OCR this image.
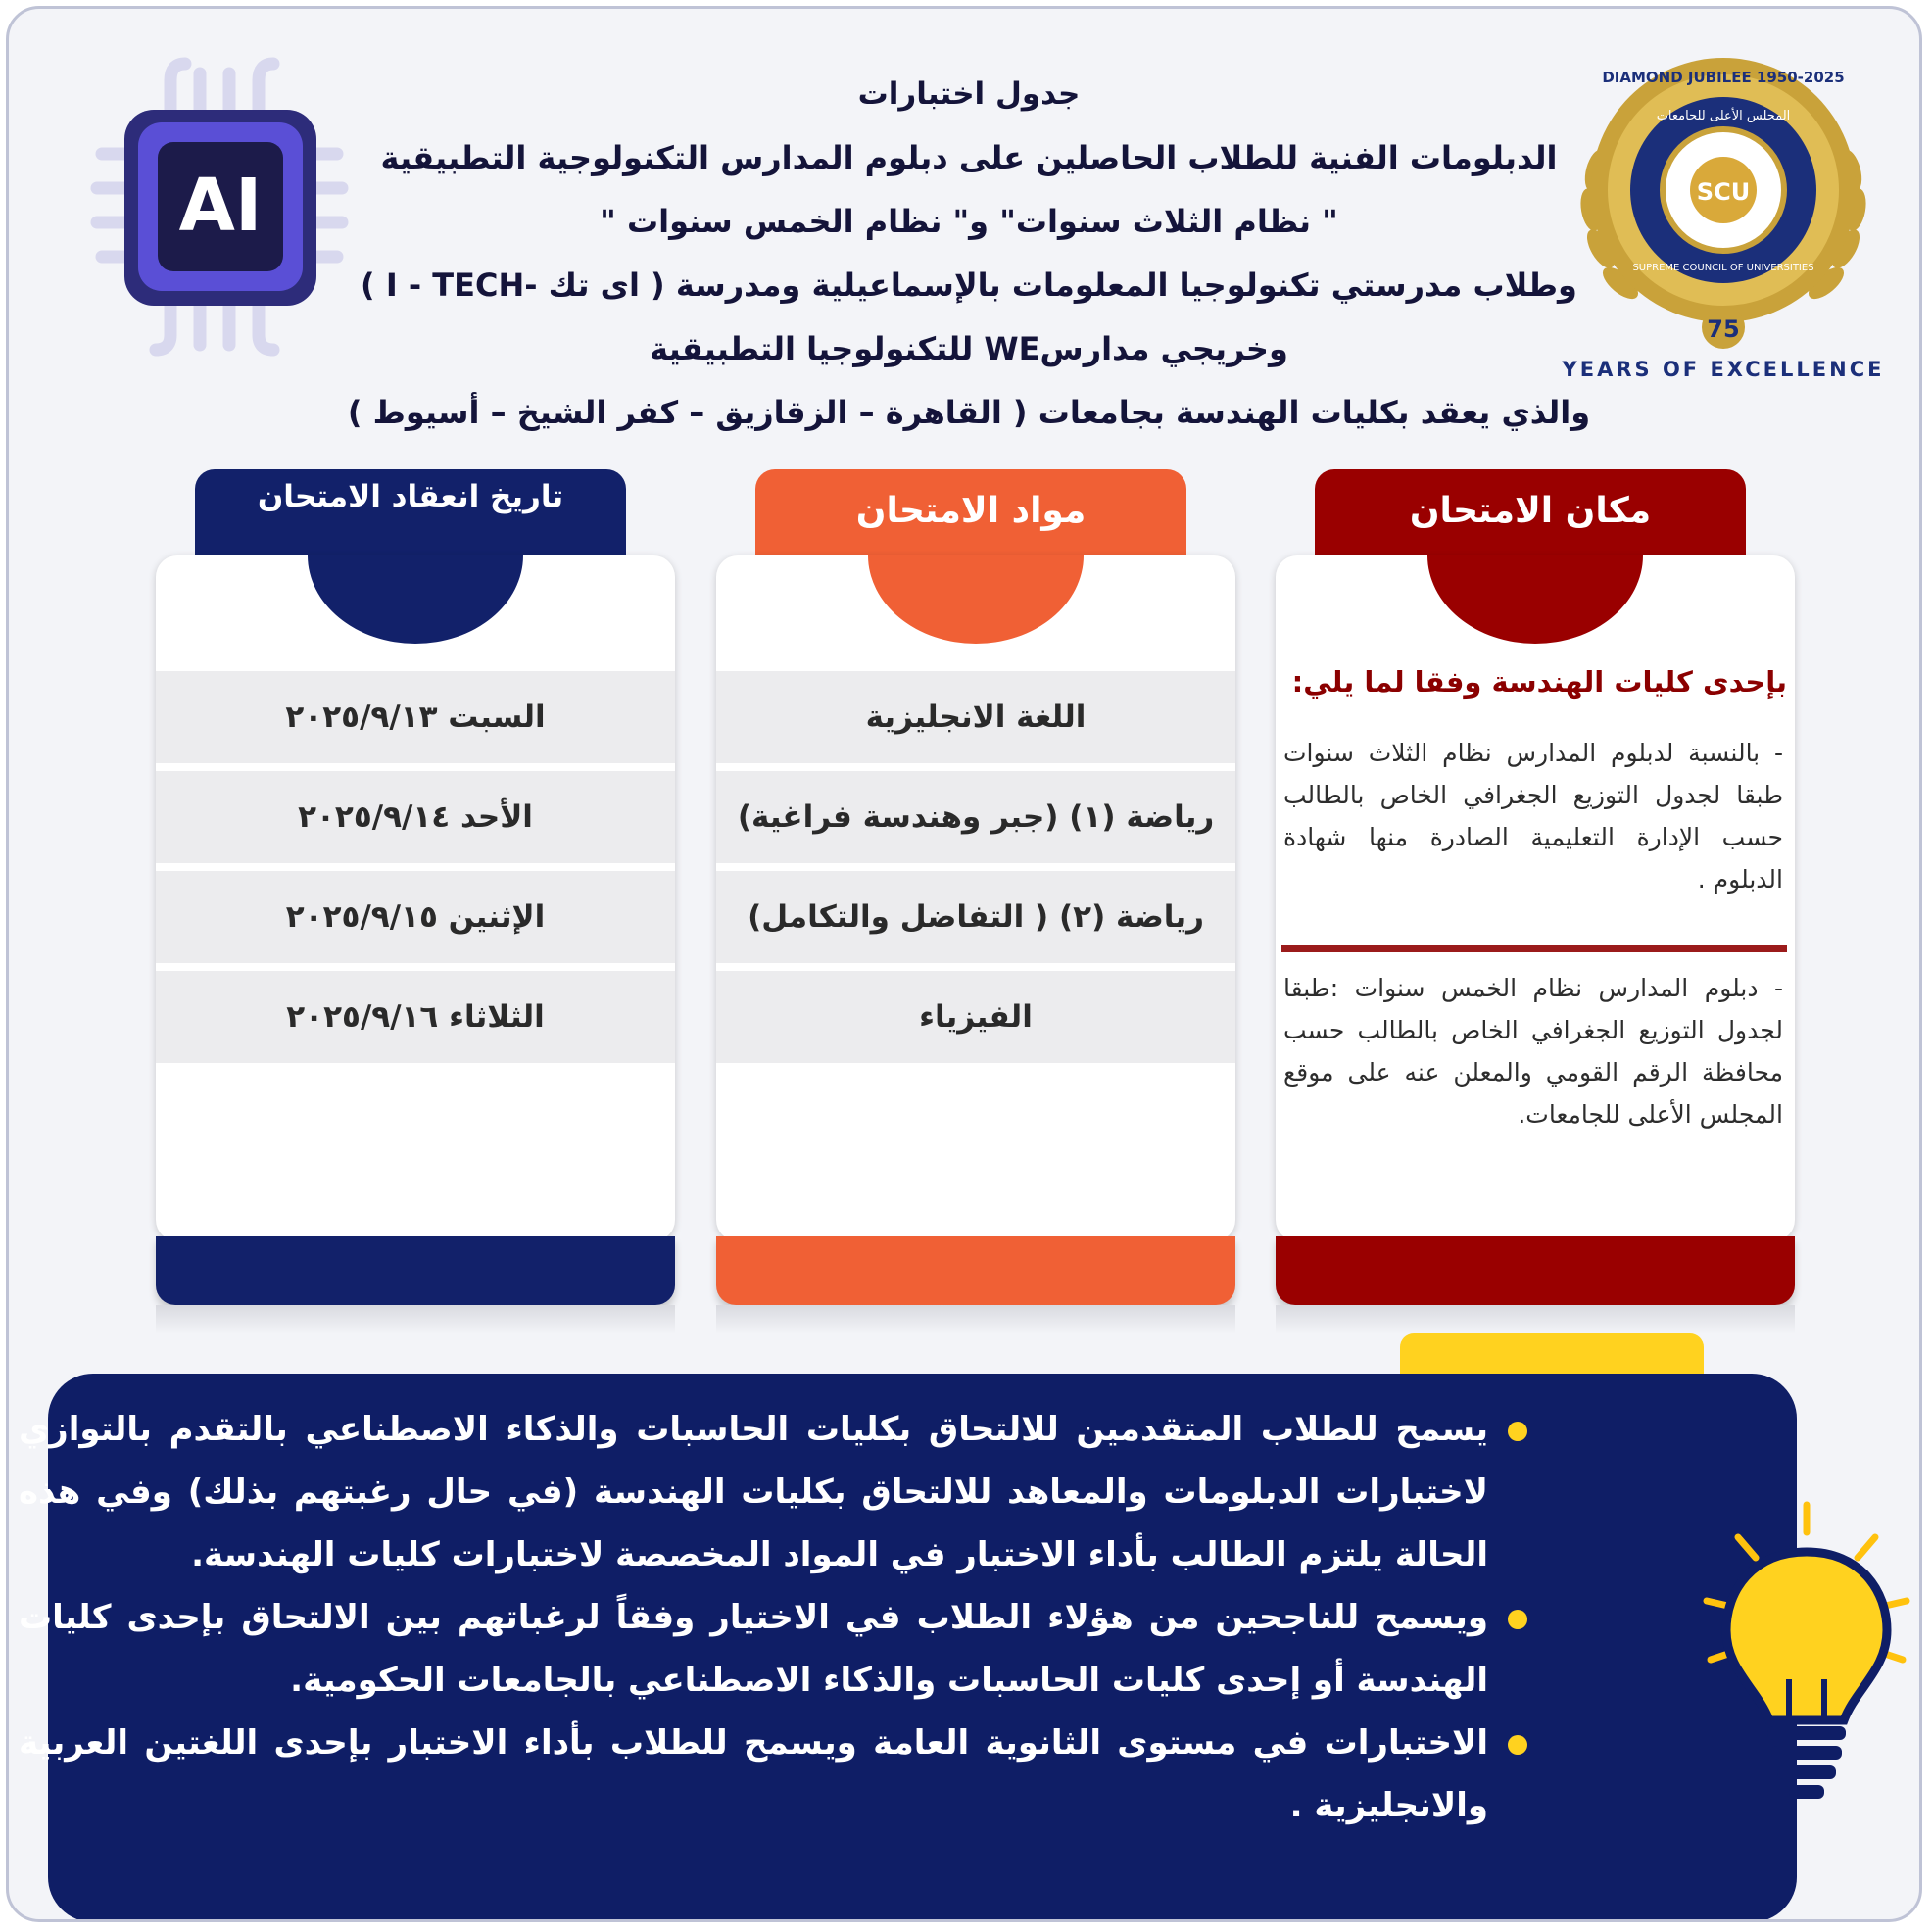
AI	SCU
DIAMOND JUBILEE 1950-2025
المجلس الأعلى للجامعات
SUPREME COUNCIL OF UNIVERSITIES
75
YEARS OF EXCELLENCE

جدول اختبارات

الدبلومات الفنية للطلاب الحاصلين على دبلوم المدارس التكنولوجية التطبيقية

" نظام الثلاث سنوات" و" نظام الخمس سنوات "

وطلاب مدرستي تكنولوجيا المعلومات بالإسماعيلية ومدرسة ( اى تك -I - TECH )

وخريجي مدارسWE للتكنولوجيا التطبيقية

والذي يعقد بكليات الهندسة بجامعات ( القاهرة – الزقازيق – كفر الشيخ – أسيوط )

تاريخ انعقاد الامتحان
السبت ٢٠٢٥/٩/١٣
الأحد ٢٠٢٥/٩/١٤
الإثنين ٢٠٢٥/٩/١٥
الثلاثاء ٢٠٢٥/٩/١٦
مواد الامتحان
اللغة الانجليزية
رياضة (١) (جبر وهندسة فراغية)
رياضة (٢) ( التفاضل والتكامل)
الفيزياء
مكان الامتحان
بإحدى كليات الهندسة وفقا لما يلي:
- بالنسبة لدبلوم المدارس نظام الثلاث سنوات طبقا لجدول التوزيع الجغرافي الخاص بالطالب حسب الإدارة التعليمية الصادرة منها شهادة الدبلوم .
- دبلوم المدارس نظام الخمس سنوات :طبقا لجدول التوزيع الجغرافي الخاص بالطالب حسب محافظة الرقم القومي والمعلن عنه على موقع المجلس الأعلى للجامعات.

يسمح للطلاب المتقدمين للالتحاق بكليات الحاسبات والذكاء الاصطناعي بالتقدم بالتوازي لاختبارات الدبلومات والمعاهد للالتحاق بكليات الهندسة (في حال رغبتهم بذلك) وفي هذه الحالة يلتزم الطالب بأداء الاختبار في المواد المخصصة لاختبارات كليات الهندسة.

ويسمح للناجحين من هؤلاء الطلاب في الاختيار وفقاً لرغباتهم بين الالتحاق بإحدى كليات الهندسة أو إحدى كليات الحاسبات والذكاء الاصطناعي بالجامعات الحكومية.

الاختبارات في مستوى الثانوية العامة ويسمح للطلاب بأداء الاختبار بإحدى اللغتين العربية والانجليزية .
